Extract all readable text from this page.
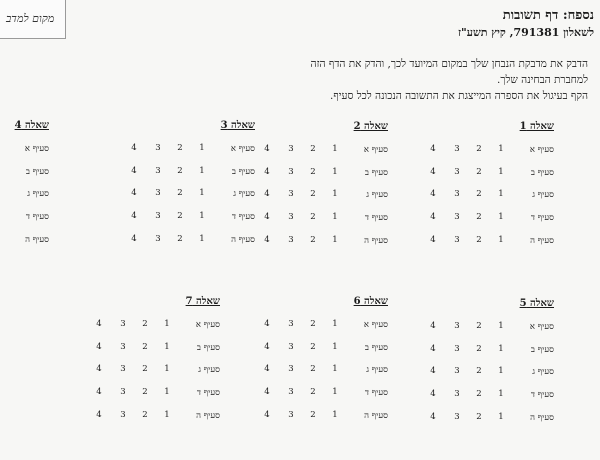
מקום למדב	נספח: דף תשובות
לשאלון 791381, קיץ תשע"ז
הדבק את מדבקת הנבחן שלך במקום המיועד לכך, והדק את הדף הזה למחברת הבחינה שלך.
הקף בעיגול את הספרה המייצגת את התשובה הנכונה לכל סעיף.
שאלה 1
סעיף א
1
2
3
4
סעיף ב
1
2
3
4
סעיף ג
1
2
3
4
סעיף ד
1
2
3
4
סעיף ה
1
2
3
4
שאלה 2
סעיף א
1
2
3
4
סעיף ב
1
2
3
4
סעיף ג
1
2
3
4
סעיף ד
1
2
3
4
סעיף ה
1
2
3
4
שאלה 3
סעיף א
1
2
3
4
סעיף ב
1
2
3
4
סעיף ג
1
2
3
4
סעיף ד
1
2
3
4
סעיף ה
1
2
3
4
שאלה 4
סעיף א
סעיף ב
סעיף ג
סעיף ד
סעיף ה
שאלה 5
סעיף א
1
2
3
4
סעיף ב
1
2
3
4
סעיף ג
1
2
3
4
סעיף ד
1
2
3
4
סעיף ה
1
2
3
4
שאלה 6
סעיף א
1
2
3
4
סעיף ב
1
2
3
4
סעיף ג
1
2
3
4
סעיף ד
1
2
3
4
סעיף ה
1
2
3
4
שאלה 7
סעיף א
1
2
3
4
סעיף ב
1
2
3
4
סעיף ג
1
2
3
4
סעיף ד
1
2
3
4
סעיף ה
1
2
3
4
